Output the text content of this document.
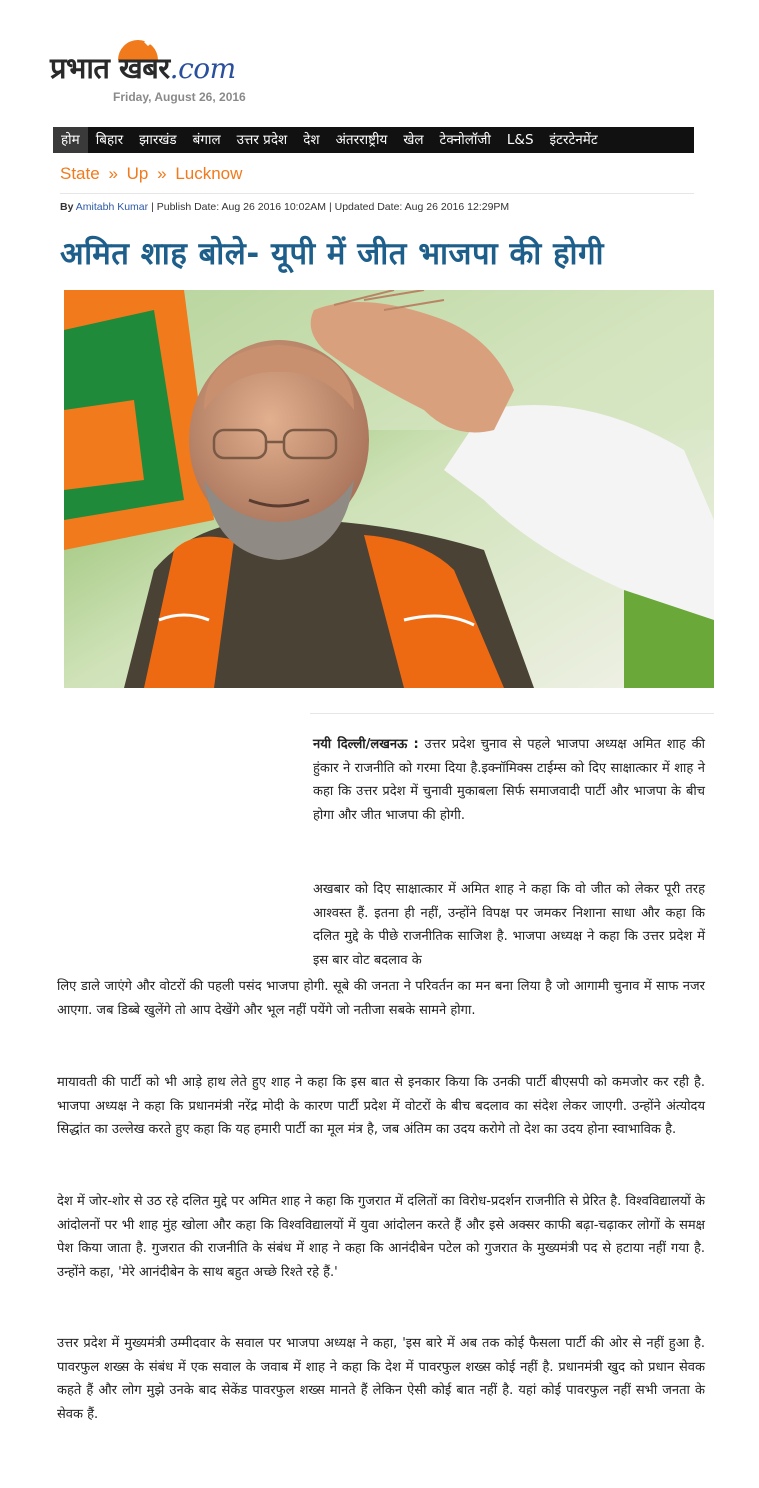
प्रभात खबर.com
Friday, August 26, 2016
होम	बिहार	झारखंड	बंगाल	उत्तर प्रदेश	देश	अंतरराष्ट्रीय	खेल	टेक्नोलॉजी	L&S	इंटरटेनमेंट
State » Up » Lucknow
By Amitabh Kumar | Publish Date: Aug 26 2016 10:02AM | Updated Date: Aug 26 2016 12:29PM
अमित शाह बोले- यूपी में जीत भाजपा की होगी

नयी दिल्ली/लखनऊ : उत्तर प्रदेश चुनाव से पहले भाजपा अध्यक्ष अमित शाह की हुंकार ने राजनीति को गरमा दिया है.इक्नॉमिक्स टाईम्स को दिए साक्षात्कार में शाह ने कहा कि उत्तर प्रदेश में चुनावी मुकाबला सिर्फ समाजवादी पार्टी और भाजपा के बीच होगा और जीत भाजपा की होगी.

अखबार को दिए साक्षात्कार में अमित शाह ने कहा कि वो जीत को लेकर पूरी तरह आश्वस्त हैं. इतना ही नहीं, उन्होंने विपक्ष पर जमकर निशाना साधा और कहा कि दलित मुद्दे के पीछे राजनीतिक साजिश है. भाजपा अध्यक्ष ने कहा कि उत्तर प्रदेश में इस बार वोट बदलाव के

लिए डाले जाएंगे और वोटरों की पहली पसंद भाजपा होगी. सूबे की जनता ने परिवर्तन का मन बना लिया है जो आगामी चुनाव में साफ नजर आएगा. जब डिब्बे खुलेंगे तो आप देखेंगे और भूल नहीं पयेंगे जो नतीजा सबके सामने होगा.

मायावती की पार्टी को भी आड़े हाथ लेते हुए शाह ने कहा कि इस बात से इनकार किया कि उनकी पार्टी बीएसपी को कमजोर कर रही है. भाजपा अध्यक्ष ने कहा कि प्रधानमंत्री नरेंद्र मोदी के कारण पार्टी प्रदेश में वोटरों के बीच बदलाव का संदेश लेकर जाएगी. उन्होंने अंत्योदय सिद्धांत का उल्लेख करते हुए कहा कि यह हमारी पार्टी का मूल मंत्र है, जब अंतिम का उदय करोगे तो देश का उदय होना स्वाभाविक है.

देश में जोर-शोर से उठ रहे दलित मुद्दे पर अमित शाह ने कहा कि गुजरात में दलितों का विरोध-प्रदर्शन राजनीति से प्रेरित है. विश्वविद्यालयों के आंदोलनों पर भी शाह मुंह खोला और कहा कि विश्वविद्यालयों में युवा आंदोलन करते हैं और इसे अक्सर काफी बढ़ा-चढ़ाकर लोगों के समक्ष पेश किया जाता है. गुजरात की राजनीति के संबंध में शाह ने कहा कि आनंदीबेन पटेल को गुजरात के मुख्यमंत्री पद से हटाया नहीं गया है. उन्होंने कहा, 'मेरे आनंदीबेन के साथ बहुत अच्छे रिश्ते रहे हैं.'

उत्तर प्रदेश में मुख्यमंत्री उम्मीदवार के सवाल पर भाजपा अध्यक्ष ने कहा, 'इस बारे में अब तक कोई फैसला पार्टी की ओर से नहीं हुआ है. पावरफुल शख्स के संबंध में एक सवाल के जवाब में शाह ने कहा कि देश में पावरफुल शख्स कोई नहीं है. प्रधानमंत्री खुद को प्रधान सेवक कहते हैं और लोग मुझे उनके बाद सेकेंड पावरफुल शख्स मानते हैं लेकिन ऐसी कोई बात नहीं है. यहां कोई पावरफुल नहीं सभी जनता के सेवक हैं.
